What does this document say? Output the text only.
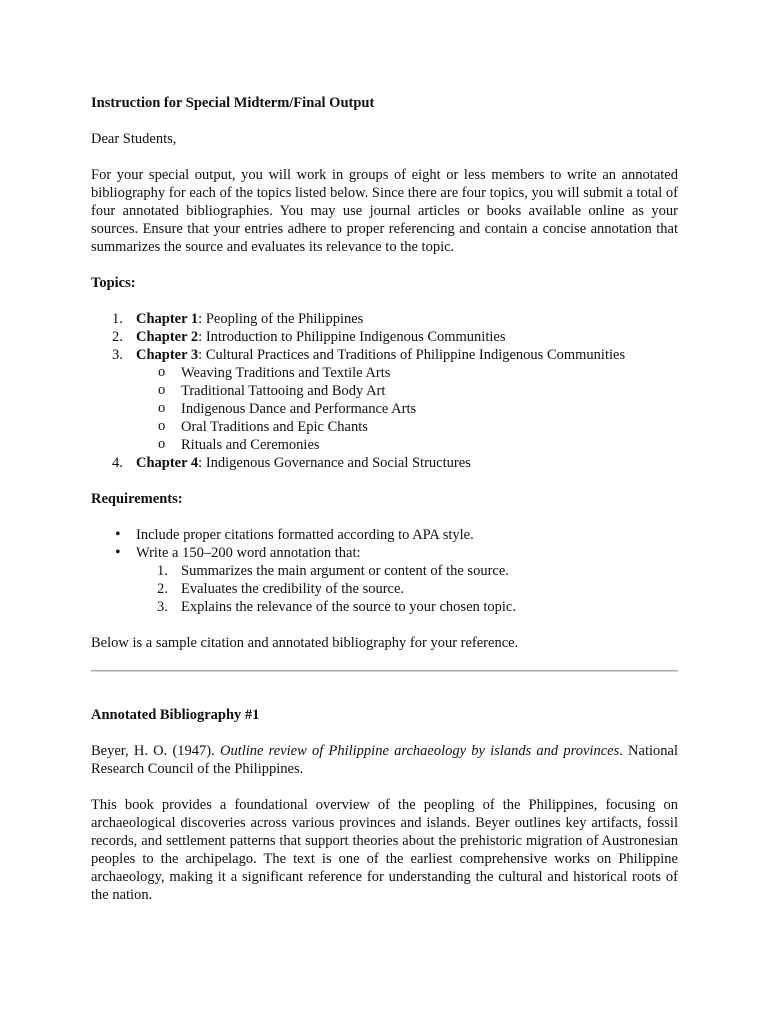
Instruction for Special Midterm/Final Output

Dear Students,

For your special output, you will work in groups of eight or less members to write an annotated bibliography for each of the topics listed below. Since there are four topics, you will submit a total of four annotated bibliographies. You may use journal articles or books available online as your sources. Ensure that your entries adhere to proper referencing and contain a concise annotation that summarizes the source and evaluates its relevance to the topic.

Topics:

1. Chapter 1: Peopling of the Philippines
2. Chapter 2: Introduction to Philippine Indigenous Communities
3. Chapter 3: Cultural Practices and Traditions of Philippine Indigenous Communities
o Weaving Traditions and Textile Arts
o Traditional Tattooing and Body Art
o Indigenous Dance and Performance Arts
o Oral Traditions and Epic Chants
o Rituals and Ceremonies
4. Chapter 4: Indigenous Governance and Social Structures

Requirements:

• Include proper citations formatted according to APA style.
• Write a 150–200 word annotation that:
1. Summarizes the main argument or content of the source.
2. Evaluates the credibility of the source.
3. Explains the relevance of the source to your chosen topic.

Below is a sample citation and annotated bibliography for your reference.

Annotated Bibliography #1

Beyer, H. O. (1947). Outline review of Philippine archaeology by islands and provinces. National Research Council of the Philippines.

This book provides a foundational overview of the peopling of the Philippines, focusing on archaeological discoveries across various provinces and islands. Beyer outlines key artifacts, fossil records, and settlement patterns that support theories about the prehistoric migration of Austronesian peoples to the archipelago. The text is one of the earliest comprehensive works on Philippine archaeology, making it a significant reference for understanding the cultural and historical roots of the nation.
